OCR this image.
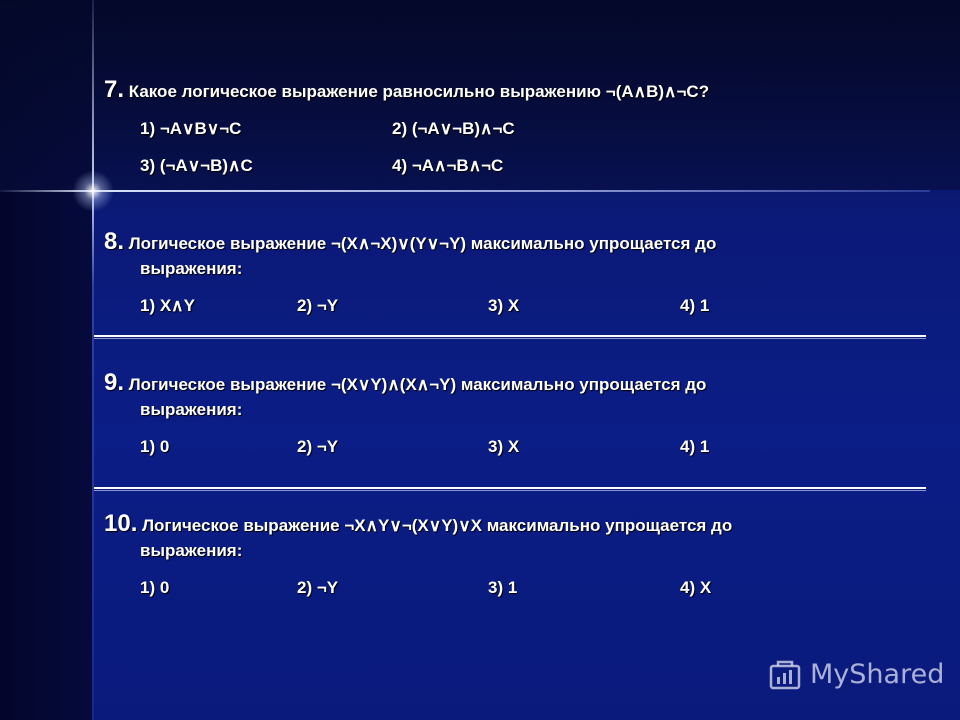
7. Какое логическое выражение равносильно выражению ¬(A∧B)∧¬C?
1) ¬A∨B∨¬C	2) (¬A∨¬B)∧¬C
3) (¬A∨¬B)∧C	4) ¬A∧¬B∧¬C
8. Логическое выражение ¬(X∧¬X)∨(Y∨¬Y) максимально упрощается до
выражения:
1) X∧Y	2) ¬Y	3) X	4) 1
9. Логическое выражение ¬(X∨Y)∧(X∧¬Y) максимально упрощается до
выражения:
1) 0	2) ¬Y	3) X	4) 1
10. Логическое выражение ¬X∧Y∨¬(X∨Y)∨X максимально упрощается до
выражения:
1) 0	2) ¬Y	3) 1	4) X
MyShared
